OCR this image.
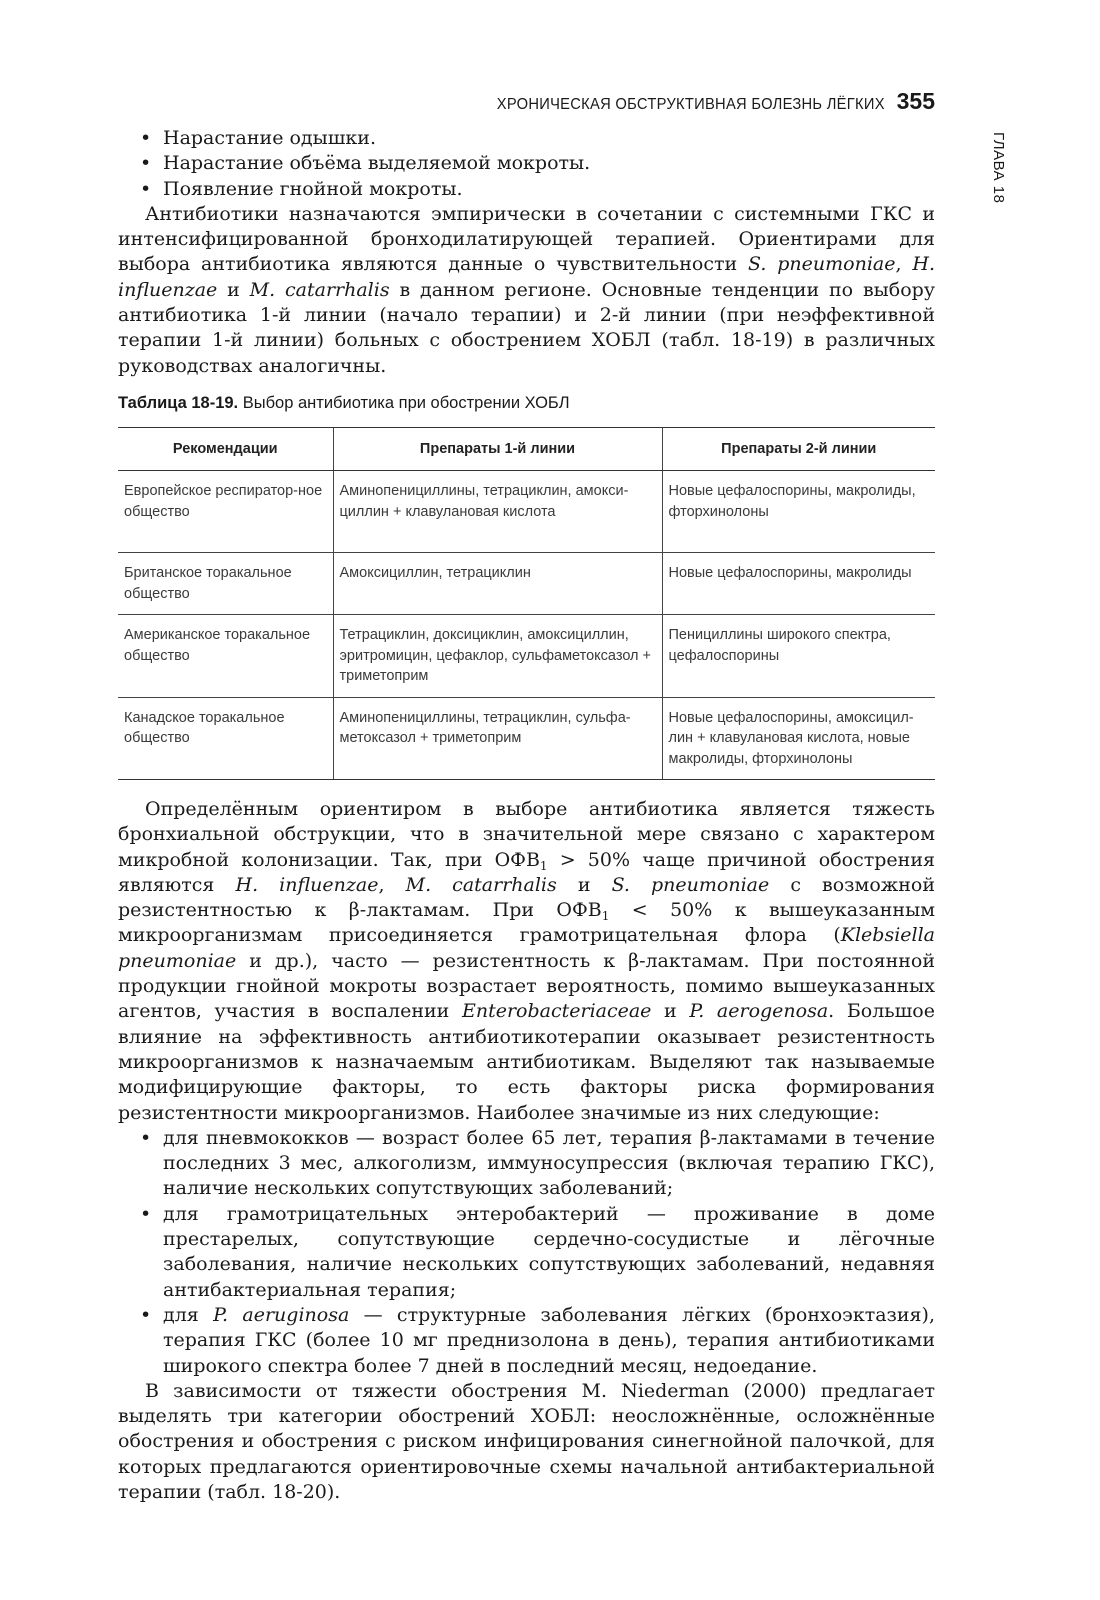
ГЛАВА 18
ХРОНИЧЕСКАЯ ОБСТРУКТИВНАЯ БОЛЕЗНЬ ЛЁГКИХ 355
• Нарастание одышки.
• Нарастание объёма выделяемой мокроты.
• Появление гнойной мокроты.

Антибиотики назначаются эмпирически в сочетании с системными ГКС и интенсифицированной бронходилатирующей терапией. Ориентирами для выбора антибиотика являются данные о чувствительности S. pneumoniae, H. influenzae и M. catarrhalis в данном регионе. Основные тенденции по выбору антибиотика 1-й линии (начало терапии) и 2-й линии (при неэффективной терапии 1-й линии) больных с обострением ХОБЛ (табл. 18-19) в различных руководствах аналогичны.

Таблица 18-19. Выбор антибиотика при обострении ХОБЛ
Рекомендации	Препараты 1-й линии	Препараты 2-й линии
Европейское респиратор-ное общество	Аминопенициллины, тетрациклин, амокси-циллин + клавулановая кислота	Новые цефалоспорины, макролиды, фторхинолоны
Британское торакальное общество	Амоксициллин, тетрациклин	Новые цефалоспорины, макролиды
Американское торакальное общество	Тетрациклин, доксициклин, амоксициллин, эритромицин, цефаклор, сульфаметоксазол + триметоприм	Пенициллины широкого спектра, цефалоспорины
Канадское торакальное общество	Аминопенициллины, тетрациклин, сульфа-метоксазол + триметоприм	Новые цефалоспорины, амоксицил-лин + клавулановая кислота, новые макролиды, фторхинолоны

Определённым ориентиром в выборе антибиотика является тяжесть бронхиальной обструкции, что в значительной мере связано с характером микробной колонизации. Так, при $ОФВ_1 > 50\%$ чаще причиной обострения являются H. influenzae, M. catarrhalis и S. pneumoniae с возможной резистентностью к β-лактамам. При $ОФВ_1 < 50\%$ к вышеуказанным микроорганизмам присоединяется грамотрицательная флора (Klebsiella pneumoniae и др.), часто — резистентность к β-лактамам. При постоянной продукции гнойной мокроты возрастает вероятность, помимо вышеуказанных агентов, участия в воспалении Enterobacteriaceae и P. aerogenosa. Большое влияние на эффективность антибиотикотерапии оказывает резистентность микроорганизмов к назначаемым антибиотикам. Выделяют так называемые модифицирующие факторы, то есть факторы риска формирования резистентности микроорганизмов. Наиболее значимые из них следующие:

• для пневмококков — возраст более 65 лет, терапия β-лактамами в течение последних 3 мес, алкоголизм, иммуносупрессия (включая терапию ГКС), наличие нескольких сопутствующих заболеваний;
• для грамотрицательных энтеробактерий — проживание в доме престарелых, сопутствующие сердечно-сосудистые и лёгочные заболевания, наличие нескольких сопутствующих заболеваний, недавняя антибактериальная терапия;
• для P. aeruginosa — структурные заболевания лёгких (бронхоэктазия), терапия ГКС (более 10 мг преднизолона в день), терапия антибиотиками широкого спектра более 7 дней в последний месяц, недоедание.

В зависимости от тяжести обострения M. Niederman (2000) предлагает выделять три категории обострений ХОБЛ: неосложнённые, осложнённые обострения и обострения с риском инфицирования синегнойной палочкой, для которых предлагаются ориентировочные схемы начальной антибактериальной терапии (табл. 18-20).
